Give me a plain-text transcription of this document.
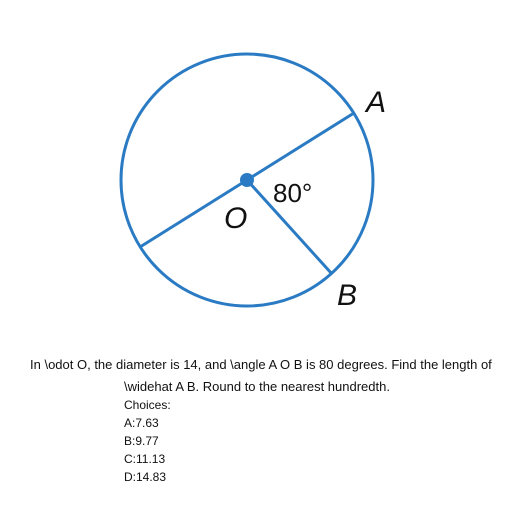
A
B
O
80°
In \odot O, the diameter is 14, and \angle A O B is 80 degrees. Find the length of
\widehat A B. Round to the nearest hundredth.
Choices:
A:7.63
B:9.77
C:11.13
D:14.83
